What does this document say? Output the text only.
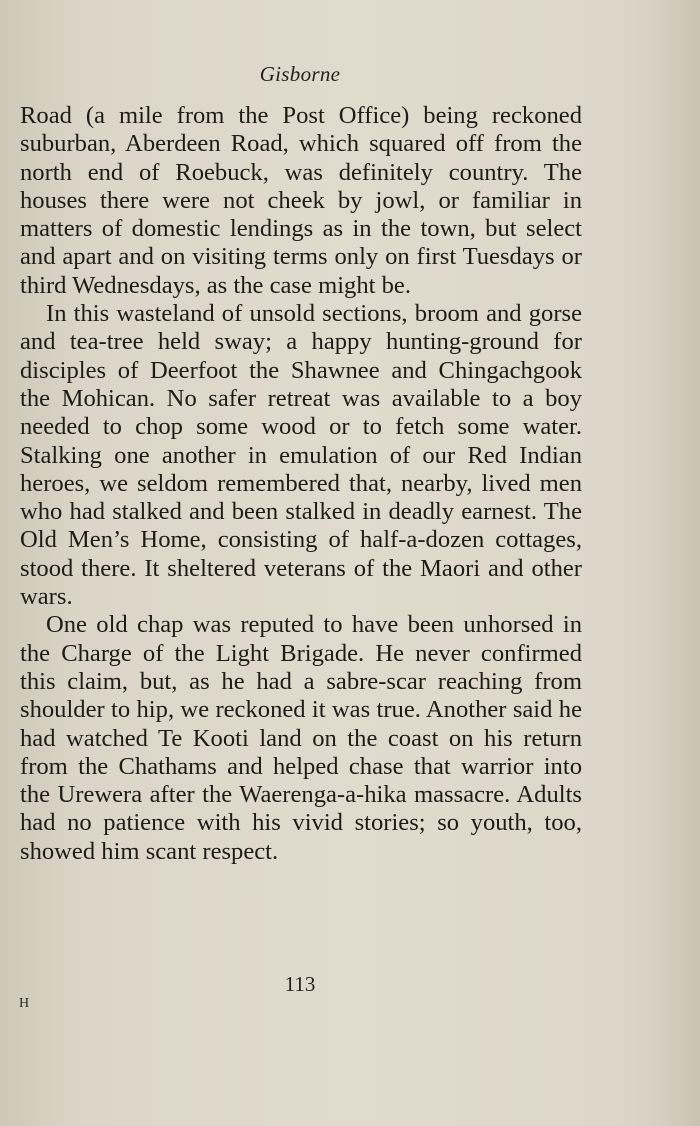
Gisborne

Road (a mile from the Post Office) being reckoned suburban, Aberdeen Road, which squared off from the north end of Roebuck, was definitely country. The houses there were not cheek by jowl, or familiar in matters of domestic lendings as in the town, but select and apart and on visiting terms only on first Tuesdays or third Wednesdays, as the case might be.

In this wasteland of unsold sections, broom and gorse and tea-tree held sway; a happy hunting-ground for disciples of Deerfoot the Shawnee and Chingachgook the Mohican. No safer retreat was available to a boy needed to chop some wood or to fetch some water. Stalking one another in emulation of our Red Indian heroes, we seldom remembered that, nearby, lived men who had stalked and been stalked in deadly earnest. The Old Men’s Home, consisting of half-a-dozen cottages, stood there. It sheltered veterans of the Maori and other wars.

One old chap was reputed to have been unhorsed in the Charge of the Light Brigade. He never confirmed this claim, but, as he had a sabre-scar reaching from shoulder to hip, we reckoned it was true. Another said he had watched Te Kooti land on the coast on his return from the Chathams and helped chase that warrior into the Urewera after the Waerenga-a-hika massacre. Adults had no patience with his vivid stories; so youth, too, showed him scant respect.

113
H
